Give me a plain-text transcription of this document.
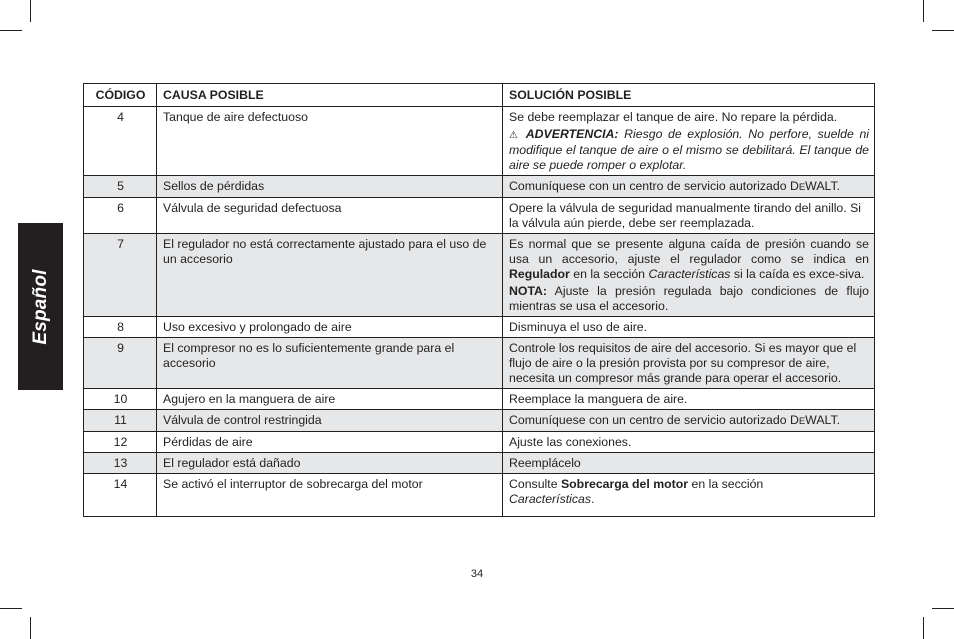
Español
CÓDIGO	CAUSA POSIBLE	SOLUCIÓN POSIBLE
4	Tanque de aire defectuoso	Se debe reemplazar el tanque de aire. No repare la pérdida.
⚠ ADVERTENCIA: Riesgo de explosión. No perfore, suelde ni modifique el tanque de aire o el mismo se debilitará. El tanque de aire se puede romper o explotar.

5	Sellos de pérdidas	Comuníquese con un centro de servicio autorizado DEWALT.
6	Válvula de seguridad defectuosa	Opere la válvula de seguridad manualmente tirando del anillo. Si la válvula aún pierde, debe ser reemplazada.
7	El regulador no está correctamente ajustado para el uso de un accesorio	Es normal que se presente alguna caída de presión cuando se usa un accesorio, ajuste el regulador como se indica en Regulador en la sección Características si la caída es exce-siva.
NOTA: Ajuste la presión regulada bajo condiciones de flujo mientras se usa el accesorio.

8	Uso excesivo y prolongado de aire	Disminuya el uso de aire.
9	El compresor no es lo suficientemente grande para el accesorio	Controle los requisitos de aire del accesorio. Si es mayor que el flujo de aire o la presión provista por su compresor de aire, necesita un compresor más grande para operar el accesorio.
10	Agujero en la manguera de aire	Reemplace la manguera de aire.
11	Válvula de control restringida	Comuníquese con un centro de servicio autorizado DEWALT.
12	Pérdidas de aire	Ajuste las conexiones.
13	El regulador está dañado	Reemplácelo
14	Se activó el interruptor de sobrecarga del motor	Consulte Sobrecarga del motor en la sección
Características.
34
